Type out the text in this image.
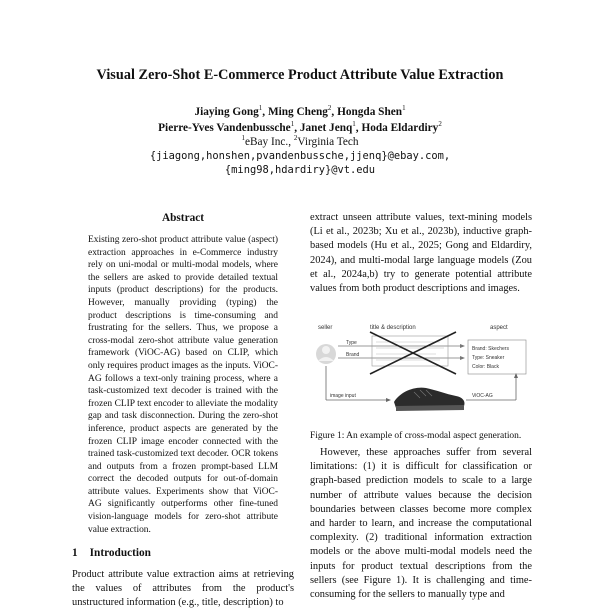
Visual Zero-Shot E-Commerce Product Attribute Value Extraction
Jiaying Gong$^1$, Ming Cheng$^2$, Hongda Shen$^1$
Pierre-Yves Vandenbussche$^1$, Janet Jenq$^1$, Hoda Eldardiry$^2$
$^1$eBay Inc., $^2$Virginia Tech
{jiagong,honshen,pvandenbussche,jjenq}@ebay.com,
{ming98,hdardiry}@vt.edu
Abstract
Existing zero-shot product attribute value (aspect) extraction approaches in e-Commerce industry rely on uni-modal or multi-modal models, where the sellers are asked to provide detailed textual inputs (product descriptions) for the products. However, manually providing (typing) the product descriptions is time-consuming and frustrating for the sellers. Thus, we propose a cross-modal zero-shot attribute value generation framework (ViOC-AG) based on CLIP, which only requires product images as the inputs. ViOC-AG follows a text-only training process, where a task-customized text decoder is trained with the frozen CLIP text encoder to alleviate the modality gap and task disconnection. During the zero-shot inference, product aspects are generated by the frozen CLIP image encoder connected with the trained task-customized text decoder. OCR tokens and outputs from a frozen prompt-based LLM correct the decoded outputs for out-of-domain attribute values. Experiments show that ViOC-AG significantly outperforms other fine-tuned vision-language models for zero-shot attribute value extraction.
1 Introduction
Product attribute value extraction aims at retrieving the values of attributes from the product's unstructured information (e.g., title, description) to
extract unseen attribute values, text-mining models (Li et al., 2023b; Xu et al., 2023b), inductive graph-based models (Hu et al., 2025; Gong and Eldardiry, 2024), and multi-modal large language models (Zou et al., 2024a,b) try to generate potential attribute values from both product descriptions and images.
seller	title & description	aspect
Type
Brand
Brand: Skechers
Type: Sneaker
Color: Black
image input	ViOC-AG
Figure 1: An example of cross-modal aspect generation.

However, these approaches suffer from several limitations: (1) it is difficult for classification or graph-based prediction models to scale to a large number of attribute values because the decision boundaries between classes become more complex and harder to learn, and increase the computational complexity. (2) traditional information extraction models or the above multi-modal models need the inputs for product textual descriptions from the sellers (see Figure 1). It is challenging and time-consuming for the sellers to manually type and
